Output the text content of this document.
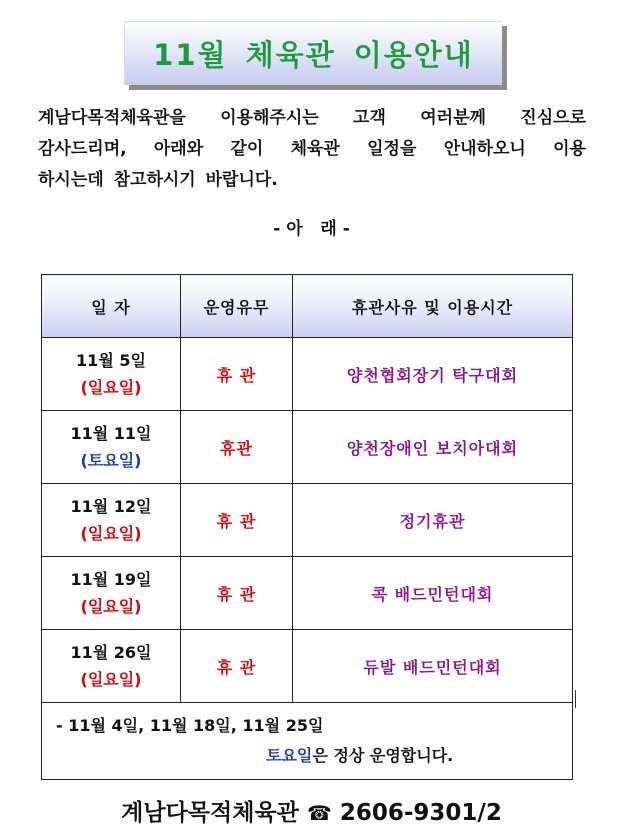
11월 체육관 이용안내
계남다목적체육관을 이용해주시는 고객 여러분께 진심으로
감사드리며, 아래와 같이 체육관 일정을 안내하오니 이용
하시는데 참고하시기 바랍니다.
- 아   래 -
일 자	운영유무	휴관사유 및 이용시간

11월 5일
(일요일)	휴 관	양천협회장기 탁구대회

11월 11일
(토요일)	휴관	양천장애인 보치아대회

11월 12일
(일요일)	휴 관	정기휴관

11월 19일
(일요일)	휴 관	콕 배드민턴대회

11월 26일
(일요일)	휴 관	듀발 배드민턴대회

- 11월 4일, 11월 18일, 11월 25일
토요일은 정상 운영합니다.		
계남다목적체육관 ☎ 2606-9301/2
